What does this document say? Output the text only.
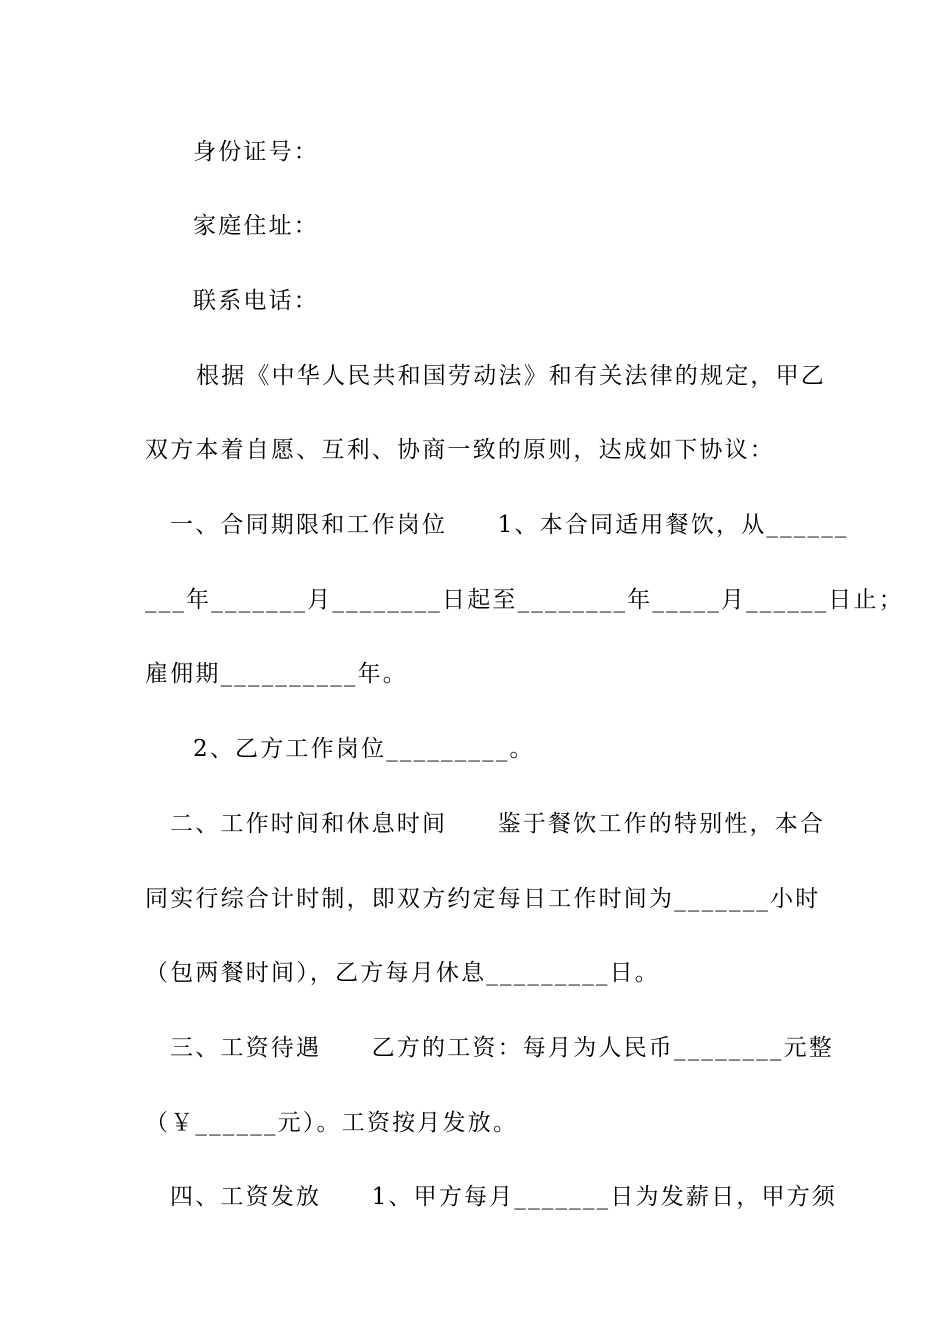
身份证号：
家庭住址：
联系电话：
根据《中华人民共和国劳动法》和有关法律的规定，甲乙
双方本着自愿、互利、协商一致的原则，达成如下协议：
一、合同期限和工作岗位　　1、本合同适用餐饮，从______
___年_______月________日起至________年_____月______日止；
雇佣期__________年。
2、乙方工作岗位_________。
二、工作时间和休息时间　　鉴于餐饮工作的特别性，本合
同实行综合计时制，即双方约定每日工作时间为_______小时
（包两餐时间），乙方每月休息_________日。
三、工资待遇　　乙方的工资：每月为人民币________元整
（￥______元）。工资按月发放。
四、工资发放　　1、甲方每月_______日为发薪日，甲方须
